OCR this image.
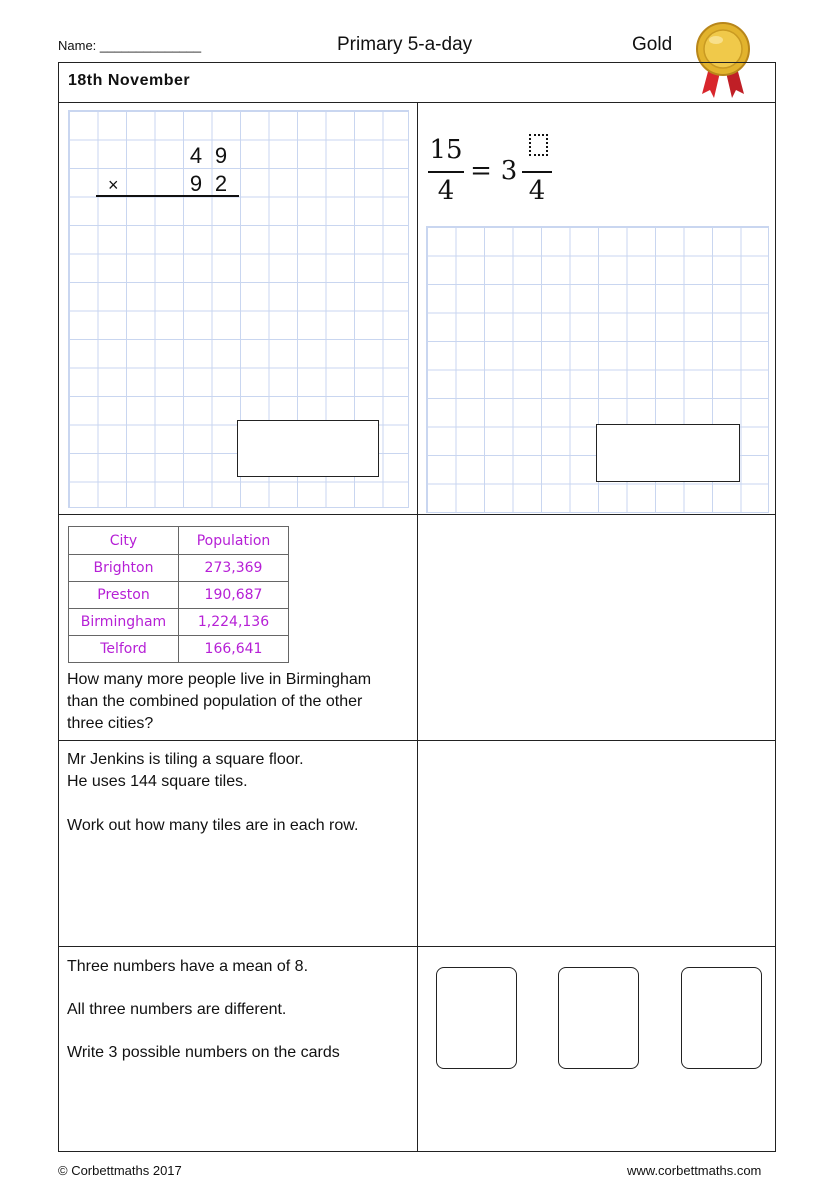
Name: ______________	Primary 5-a-day	Gold
18th November
4 9
×	9 2
15
4
= 3
4
City	Population
Brighton	273,369
Preston	190,687
Birmingham	1,224,136
Telford	166,641
How many more people live in Birmingham
than the combined population of the other
three cities?
Mr Jenkins is tiling a square floor.
He uses 144 square tiles.
Work out how many tiles are in each row.
Three numbers have a mean of 8.
All three numbers are different.
Write 3 possible numbers on the cards
© Corbettmaths 2017	www.corbettmaths.com
